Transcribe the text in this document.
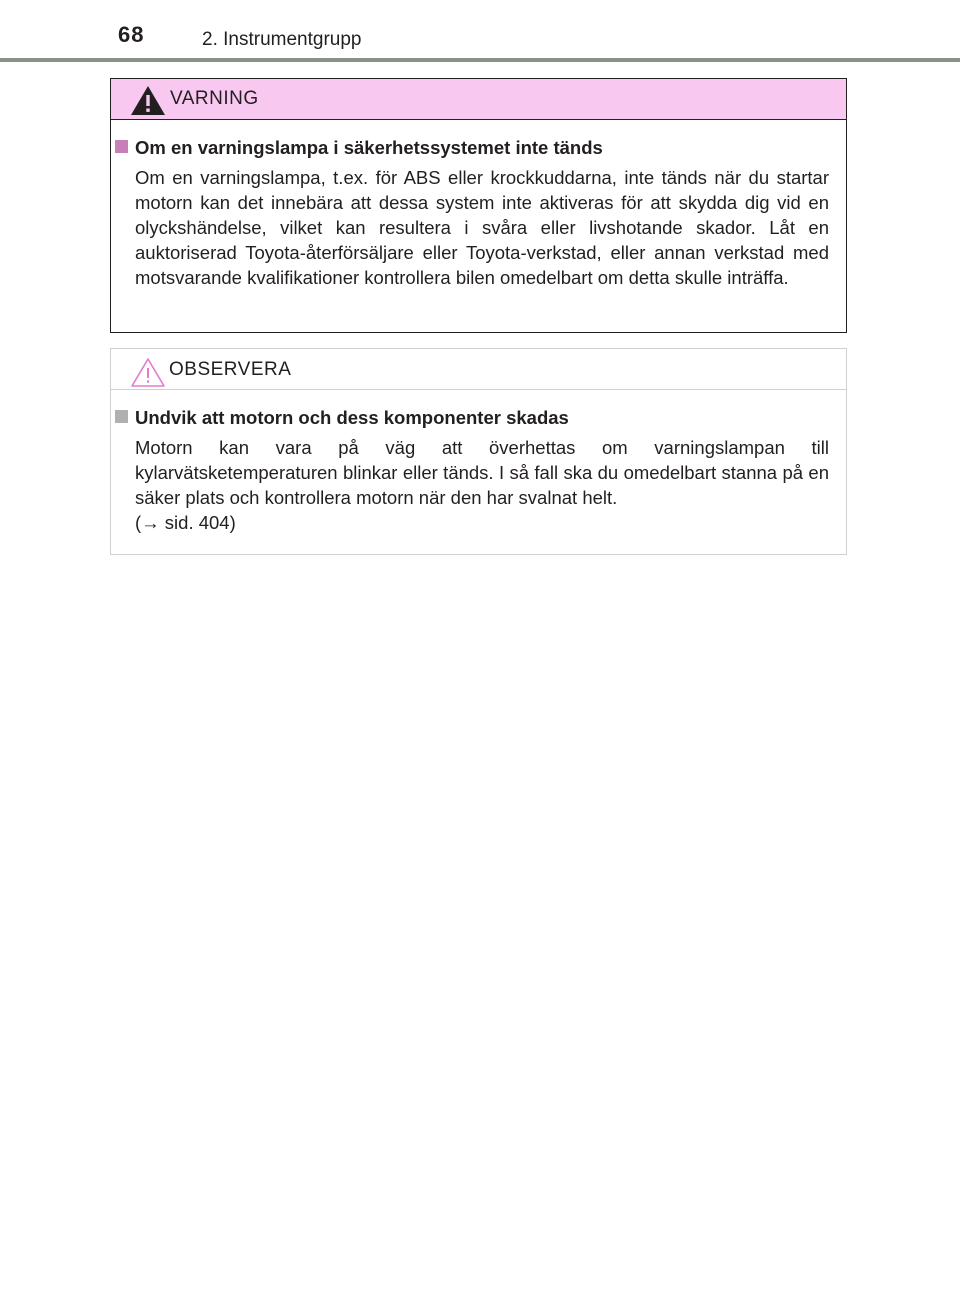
68	2. Instrumentgrupp
VARNING
Om en varningslampa i säkerhetssystemet inte tänds
Om en varningslampa, t.ex. för ABS eller krockkuddarna, inte tänds när du startar motorn kan det innebära att dessa system inte aktiveras för att skydda dig vid en olyckshändelse, vilket kan resultera i svåra eller livshotande skador. Låt en auktoriserad Toyota-återförsäljare eller Toyota-verkstad, eller annan verkstad med motsvarande kvalifikationer kontrollera bilen omedelbart om detta skulle inträffa.
OBSERVERA
Undvik att motorn och dess komponenter skadas
Motorn kan vara på väg att överhettas om varningslampan till kylarvätsketemperaturen blinkar eller tänds. I så fall ska du omedelbart stanna på en säker plats och kontrollera motorn när den har svalnat helt.
(→ sid. 404)
